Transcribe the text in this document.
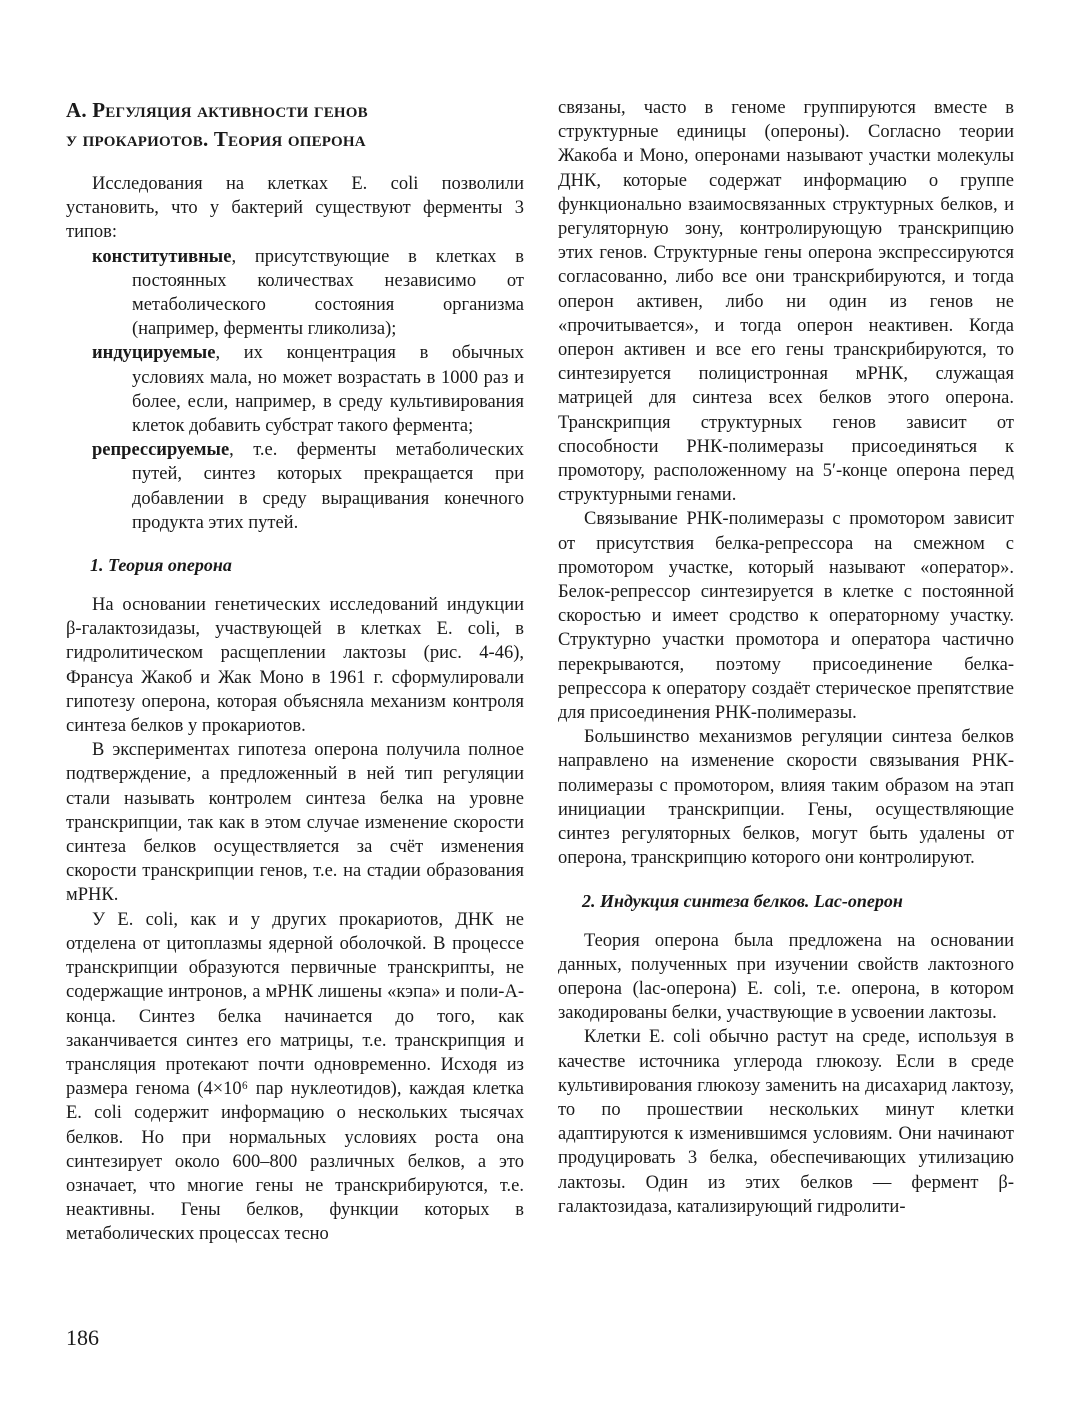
А. Регуляция активности генов
у прокариотов. Теория оперона

Исследования на клетках E. coli позволили установить, что у бактерий существуют ферменты 3 типов:

конститутивные, присутствующие в клетках в постоянных количествах независимо от метаболического состояния организма (например, ферменты гликолиза);
индуцируемые, их концентрация в обычных условиях мала, но может возрастать в 1000 раз и более, если, например, в среду культивирования клеток добавить субстрат такого фермента;
репрессируемые, т.е. ферменты метаболических путей, синтез которых прекращается при добавлении в среду выращивания конечного продукта этих путей.
1. Теория оперона

На основании генетических исследований индукции β-галактозидазы, участвующей в клетках E. coli, в гидролитическом расщеплении лактозы (рис. 4-46), Франсуа Жакоб и Жак Моно в 1961 г. сформулировали гипотезу оперона, которая объясняла механизм контроля синтеза белков у прокариотов.

В экспериментах гипотеза оперона получила полное подтверждение, а предложенный в ней тип регуляции стали называть контролем синтеза белка на уровне транскрипции, так как в этом случае изменение скорости синтеза белков осуществляется за счёт изменения скорости транскрипции генов, т.е. на стадии образования мРНК.

У E. coli, как и у других прокариотов, ДНК не отделена от цитоплазмы ядерной оболочкой. В процессе транскрипции образуются первичные транскрипты, не содержащие интронов, а мРНК лишены «кэпа» и поли-А-конца. Синтез белка начинается до того, как заканчивается синтез его матрицы, т.е. транскрипция и трансляция протекают почти одновременно. Исходя из размера генома (4×10⁶ пар нуклеотидов), каждая клетка E. coli содержит информацию о нескольких тысячах белков. Но при нормальных условиях роста она синтезирует около 600–800 различных белков, а это означает, что многие гены не транскрибируются, т.е. неактивны. Гены белков, функции которых в метаболических процессах тесно

связаны, часто в геноме группируются вместе в структурные единицы (опероны). Согласно теории Жакоба и Моно, оперонами называют участки молекулы ДНК, которые содержат информацию о группе функционально взаимосвязанных структурных белков, и регуляторную зону, контролирующую транскрипцию этих генов. Структурные гены оперона экспрессируются согласованно, либо все они транскрибируются, и тогда оперон активен, либо ни один из генов не «прочитывается», и тогда оперон неактивен. Когда оперон активен и все его гены транскрибируются, то синтезируется полицистронная мРНК, служащая матрицей для синтеза всех белков этого оперона. Транскрипция структурных генов зависит от способности РНК-полимеразы присоединяться к промотору, расположенному на 5′-конце оперона перед структурными генами.

Связывание РНК-полимеразы с промотором зависит от присутствия белка-репрессора на смежном с промотором участке, который называют «оператор». Белок-репрессор синтезируется в клетке с постоянной скоростью и имеет сродство к операторному участку. Структурно участки промотора и оператора частично перекрываются, поэтому присоединение белка-репрессора к оператору создаёт стерическое препятствие для присоединения РНК-полимеразы.

Большинство механизмов регуляции синтеза белков направлено на изменение скорости связывания РНК-полимеразы с промотором, влияя таким образом на этап инициации транскрипции. Гены, осуществляющие синтез регуляторных белков, могут быть удалены от оперона, транскрипцию которого они контролируют.

2. Индукция синтеза белков. Lac-оперон

Теория оперона была предложена на основании данных, полученных при изучении свойств лактозного оперона (lac-оперона) E. coli, т.е. оперона, в котором закодированы белки, участвующие в усвоении лактозы.

Клетки E. coli обычно растут на среде, используя в качестве источника углерода глюкозу. Если в среде культивирования глюкозу заменить на дисахарид лактозу, то по прошествии нескольких минут клетки адаптируются к изменившимся условиям. Они начинают продуцировать 3 белка, обеспечивающих утилизацию лактозы. Один из этих белков — фермент β-галактозидаза, катализирующий гидролити-

186
